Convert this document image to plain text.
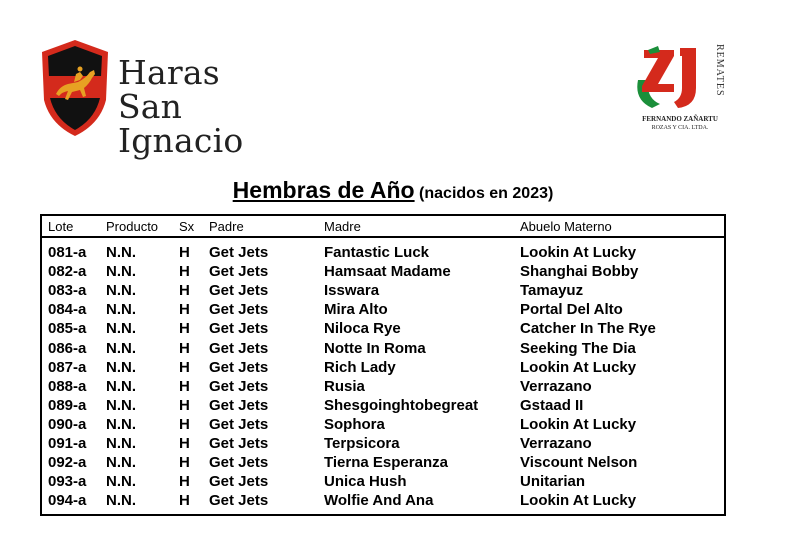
Haras
San Ignacio
REMATES
FERNANDO ZAÑARTU
ROZAS Y CIA. LTDA.
Hembras de Año (nacidos en 2023)
Lote	Producto Sx Padre	Madre	Abuelo Materno
081-a N.N.	H Get Jets	Fantastic Luck	Lookin At Lucky
082-a N.N.	H Get Jets	Hamsaat Madame	Shanghai Bobby
083-a N.N.	H Get Jets	Isswara	Tamayuz
084-a N.N.	H Get Jets	Mira Alto	Portal Del Alto
085-a N.N.	H Get Jets	Niloca Rye	Catcher In The Rye
086-a N.N.	H Get Jets	Notte In Roma	Seeking The Dia
087-a N.N.	H Get Jets	Rich Lady	Lookin At Lucky
088-a N.N.	H Get Jets	Rusia	Verrazano
089-a N.N.	H Get Jets	Shesgoinghtobegreat	Gstaad II
090-a N.N.	H Get Jets	Sophora	Lookin At Lucky
091-a N.N.	H Get Jets	Terpsicora	Verrazano
092-a N.N.	H Get Jets	Tierna Esperanza	Viscount Nelson
093-a N.N.	H Get Jets	Unica Hush	Unitarian
094-a N.N.	H Get Jets	Wolfie And Ana	Lookin At Lucky
